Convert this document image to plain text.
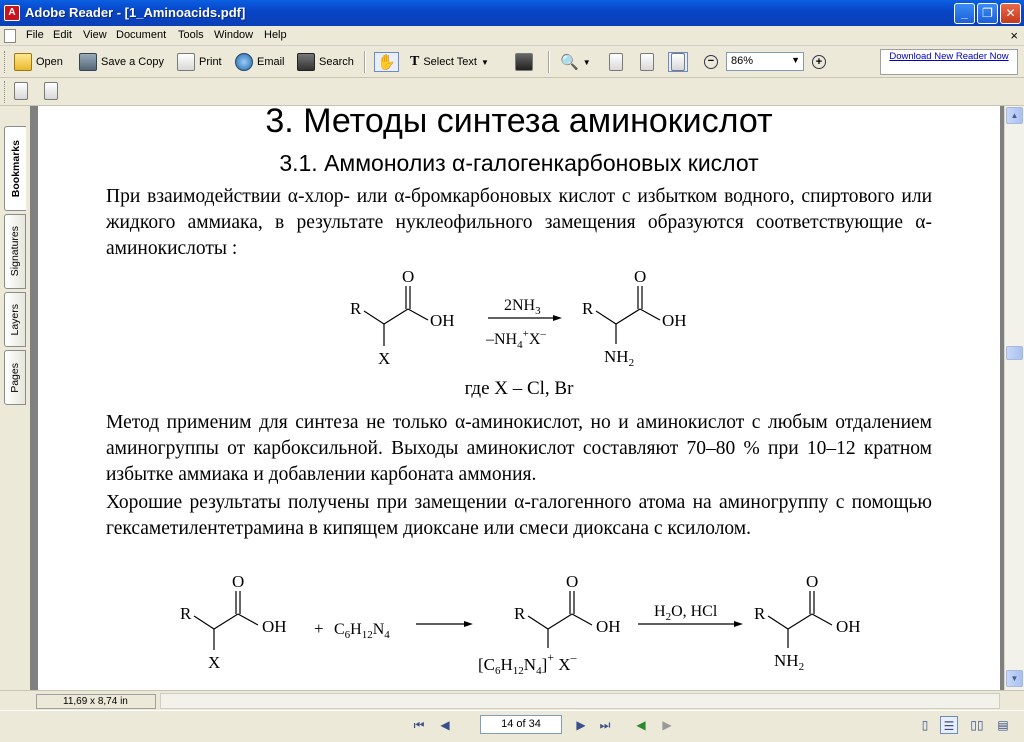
A Adobe Reader - [1_Aminoacids.pdf]	_	❐	✕
File Edit View Document Tools Window Help	×
Open	Save a Copy	Print	Email	Search ✋ T Select Text ▼	🔍 ▼	−	+
86%	▼	Download New Reader Now
Bookmarks
Signatures
Layers
Pages
3. Методы синтеза аминокислот
3.1. Аммонолиз α-галогенкарбоновых кислот
При взаимодействии α-хлор- или α-бромкарбоновых кислот с избытком водного, спиртового или жидкого аммиака, в результате нуклеофильного замещения образуются соответствующие α-аминокислоты :
R
O
OH
X
$2NH_3$
$-NH_4^+X^-$
R
O
OH
$NH_2$
где X – Cl, Br
Метод применим для синтеза не только α-аминокислот, но и аминокислот с любым отдалением аминогруппы от карбоксильной. Выходы аминокислот составляют 70–80 % при 10–12 кратном избытке аммиака и добавлении карбоната аммония.
Хорошие результаты получены при замещении α-галогенного атома на аминогруппу с помощью гексаметилентетрамина в кипящем диоксане или смеси диоксана с ксилолом.
R
O
OH
X
+ $C_6H_{12}N_4$
R
O
OH
$[C_6H_{12}N_4]^+$ X–
$H_2O$, HCl R
O
OH
$NH_2$
▲
▼
11,69 x 8,74 in
⏮	◀	14 of 34	▶	⏭	◀	▶	▯	☰	▯▯ ▤
